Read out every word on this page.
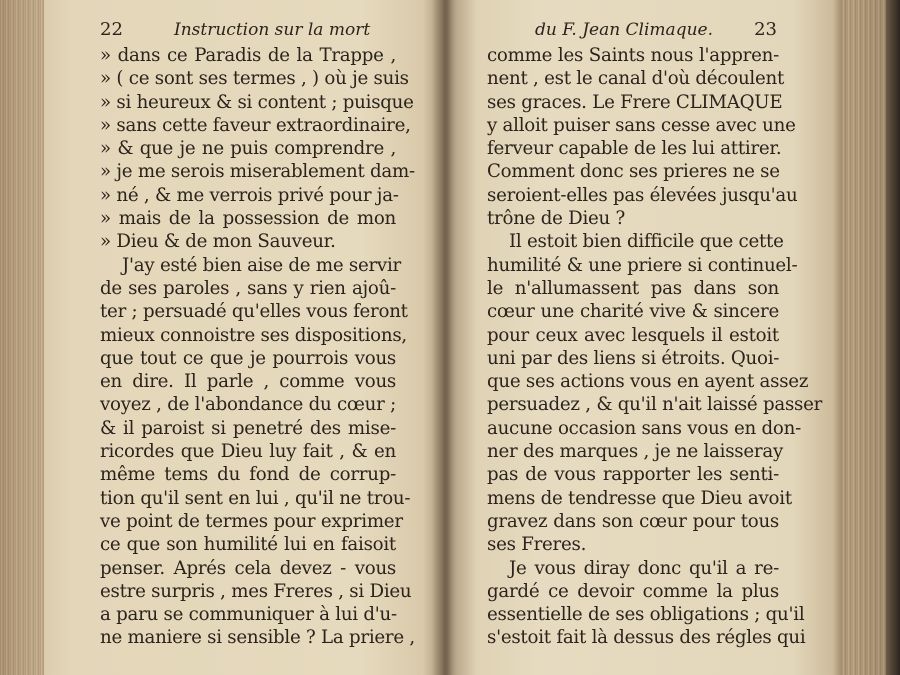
22	Instruction sur la mort
» dans ce Paradis de la Trappe ,
» ( ce sont ses termes , ) où je suis
» si heureux & si content ; puisque
» sans cette faveur extraordinaire,
» & que je ne puis comprendre ,
» je me serois miserablement dam-
» né , & me verrois privé pour ja-
» mais de la possession de mon
» Dieu & de mon Sauveur.
J'ay esté bien aise de me servir
de ses paroles , sans y rien ajoû-
ter ; persuadé qu'elles vous feront
mieux connoistre ses dispositions,
que tout ce que je pourrois vous
en dire. Il parle , comme vous
voyez , de l'abondance du cœur ;
& il paroist si penetré des mise-
ricordes que Dieu luy fait , & en
même tems du fond de corrup-
tion qu'il sent en lui , qu'il ne trou-
ve point de termes pour exprimer
ce que son humilité lui en faisoit
penser. Aprés cela devez - vous
estre surpris , mes Freres , si Dieu
a paru se communiquer à lui d'u-
ne maniere si sensible ? La priere ,
du F. Jean Climaque. 23
comme les Saints nous l'appren-
nent , est le canal d'où découlent
ses graces. Le Frere CLIMAQUE
y alloit puiser sans cesse avec une
ferveur capable de les lui attirer.
Comment donc ses prieres ne se
seroient-elles pas élevées jusqu'au
trône de Dieu ?
Il estoit bien difficile que cette
humilité & une priere si continuel-
le n'allumassent pas dans son
cœur une charité vive & sincere
pour ceux avec lesquels il estoit
uni par des liens si étroits. Quoi-
que ses actions vous en ayent assez
persuadez , & qu'il n'ait laissé passer
aucune occasion sans vous en don-
ner des marques , je ne laisseray
pas de vous rapporter les senti-
mens de tendresse que Dieu avoit
gravez dans son cœur pour tous
ses Freres.
Je vous diray donc qu'il a re-
gardé ce devoir comme la plus
essentielle de ses obligations ; qu'il
s'estoit fait là dessus des régles qui
